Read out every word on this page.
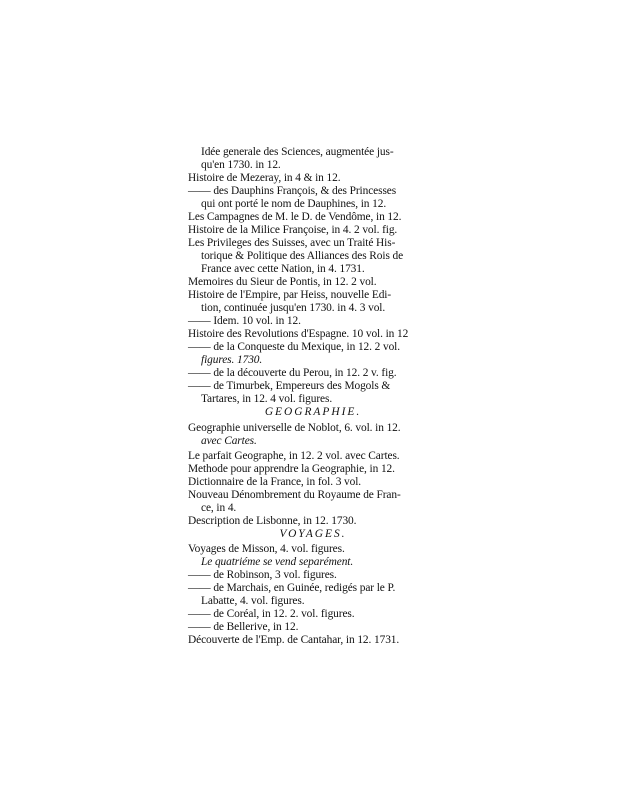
Idée generale des Sciences, augmentée jus-
qu'en 1730. in 12.
Histoire de Mezeray, in 4 & in 12.
—— des Dauphins François, & des Princesses
qui ont porté le nom de Dauphines, in 12.
Les Campagnes de M. le D. de Vendôme, in 12.
Histoire de la Milice Françoise, in 4. 2 vol. fig.
Les Privileges des Suisses, avec un Traité His-
torique & Politique des Alliances des Rois de
France avec cette Nation, in 4. 1731.
Memoires du Sieur de Pontis, in 12. 2 vol.
Histoire de l'Empire, par Heiss, nouvelle Edi-
tion, continuée jusqu'en 1730. in 4. 3 vol.
—— Idem. 10 vol. in 12.
Histoire des Revolutions d'Espagne. 10 vol. in 12
—— de la Conqueste du Mexique, in 12. 2 vol.
figures. 1730.
—— de la découverte du Perou, in 12. 2 v. fig.
—— de Timurbek, Empereurs des Mogols &
Tartares, in 12. 4 vol. figures.
GEOGRAPHIE.
Geographie universelle de Noblot, 6. vol. in 12.
avec Cartes.
Le parfait Geographe, in 12. 2 vol. avec Cartes.
Methode pour apprendre la Geographie, in 12.
Dictionnaire de la France, in fol. 3 vol.
Nouveau Dénombrement du Royaume de Fran-
ce, in 4.
Description de Lisbonne, in 12. 1730.
VOYAGES.
Voyages de Misson, 4. vol. figures.
Le quatriéme se vend separément.
—— de Robinson, 3 vol. figures.
—— de Marchais, en Guinée, redigés par le P.
Labatte, 4. vol. figures.
—— de Coréal, in 12. 2. vol. figures.
—— de Bellerive, in 12.
Découverte de l'Emp. de Cantahar, in 12. 1731.
